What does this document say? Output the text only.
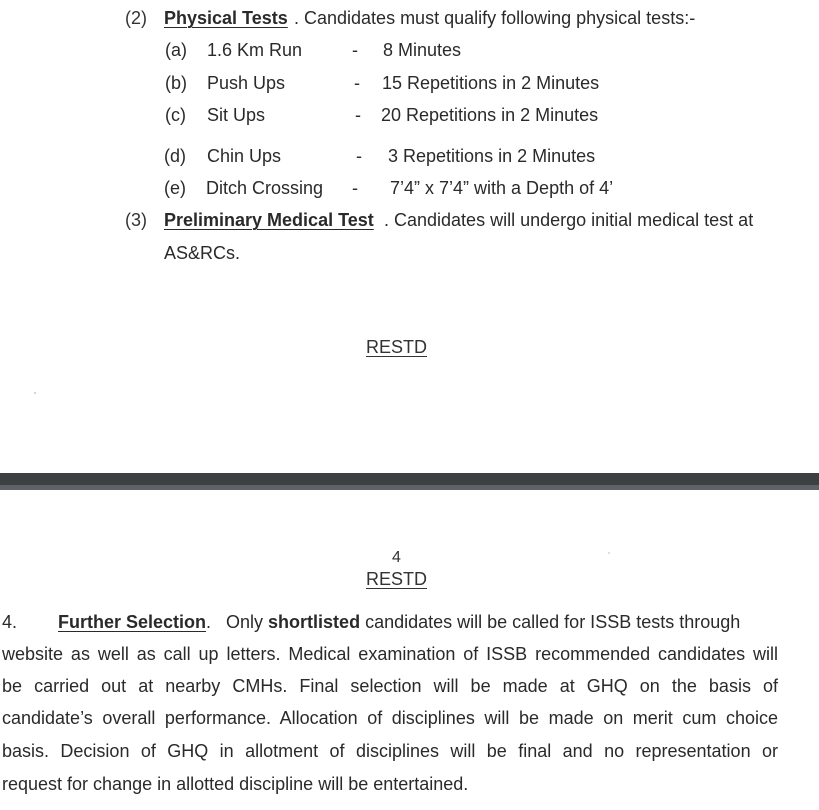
(2) Physical Tests . Candidates must qualify following physical tests:-
(a) 1.6 Km Run	- 8 Minutes
(b) Push Ups	- 15 Repetitions in 2 Minutes
(c) Sit Ups	- 20 Repetitions in 2 Minutes
(d) Chin Ups	- 3 Repetitions in 2 Minutes
(e) Ditch Crossing - 7’4” x 7’4” with a Depth of 4’
(3) Preliminary Medical Test . Candidates will undergo initial medical test at
AS&RCs.
RESTD
4
RESTD
4.	Further Selection .   Only shortlisted candidates will be called for ISSB tests through
website as well as call up letters. Medical examination of ISSB recommended candidates will
be carried out at nearby CMHs. Final selection will be made at GHQ on the basis of
candidate’s overall performance. Allocation of disciplines will be made on merit cum choice
basis. Decision of GHQ in allotment of disciplines will be final and no representation or
request for change in allotted discipline will be entertained.
